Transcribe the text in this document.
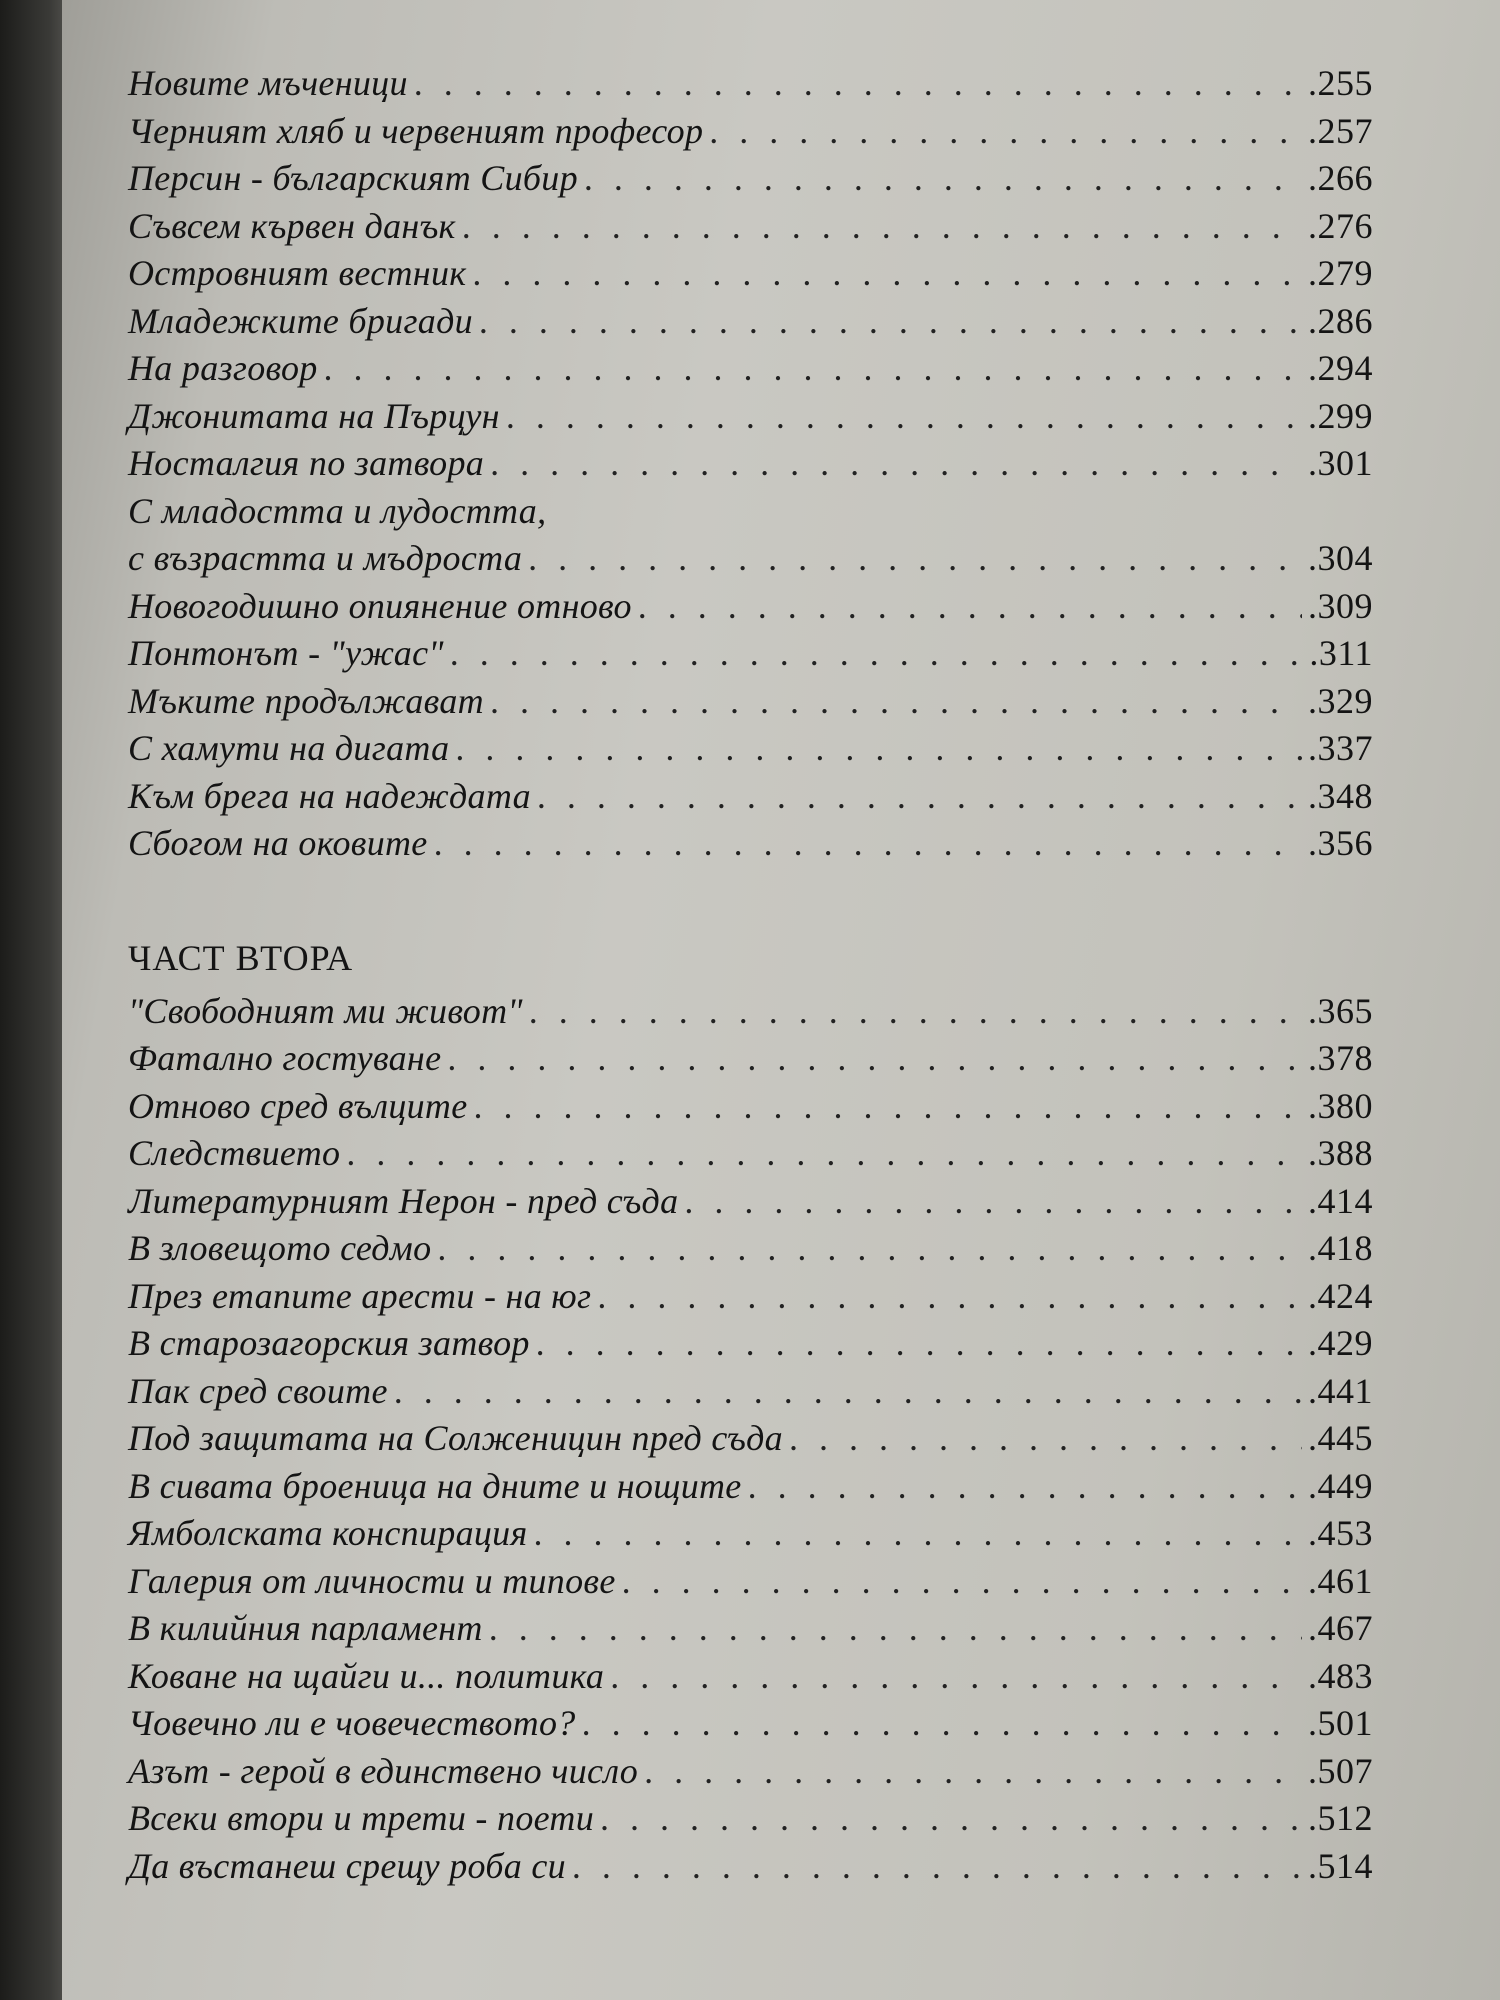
Новите мъченици . . .	.255
Черният хляб и червеният професор . . .	.257
Персин - българският Сибир . . .	.266
Съвсем кървен данък . . .	.276
Островният вестник . . .	.279
Младежките бригади . . .	.286
На разговор . . .	.294
Джонитата на Пърцун . . .	.299
Носталгия по затвора . . .	.301
С младостта и лудостта,
с възрастта и мъдроста . . .	.304
Новогодишно опиянение отново . . .	.309
Понтонът - "ужас" . . .	.311
Мъките продължават . . .	.329
С хамути на дигата . . .	.337
Към брега на надеждата . . .	.348
Сбогом на оковите . . .	.356
ЧАСТ ВТОРА
"Свободният ми живот" . . .	.365
Фатално гостуване . . .	.378
Отново сред вълците . . .	.380
Следствието . . .	.388
Литературният Нерон - пред съда . . .	.414
В зловещото седмо . . .	.418
През етапите арести - на юг . . .	.424
В старозагорския затвор . . .	.429
Пак сред своите . . .	.441
Под защитата на Солженицин пред съда . . .	.445
В сивата броеница на дните и нощите . . .	.449
Ямболската конспирация . . .	.453
Галерия от личности и типове . . .	.461
В килийния парламент . . .	.467
Коване на щайги и... политика . . .	.483
Човечно ли е човечеството? . . .	.501
Азът - герой в единствено число . . .	.507
Всеки втори и трети - поети . . .	.512
Да въстанеш срещу роба си . . .	.514
